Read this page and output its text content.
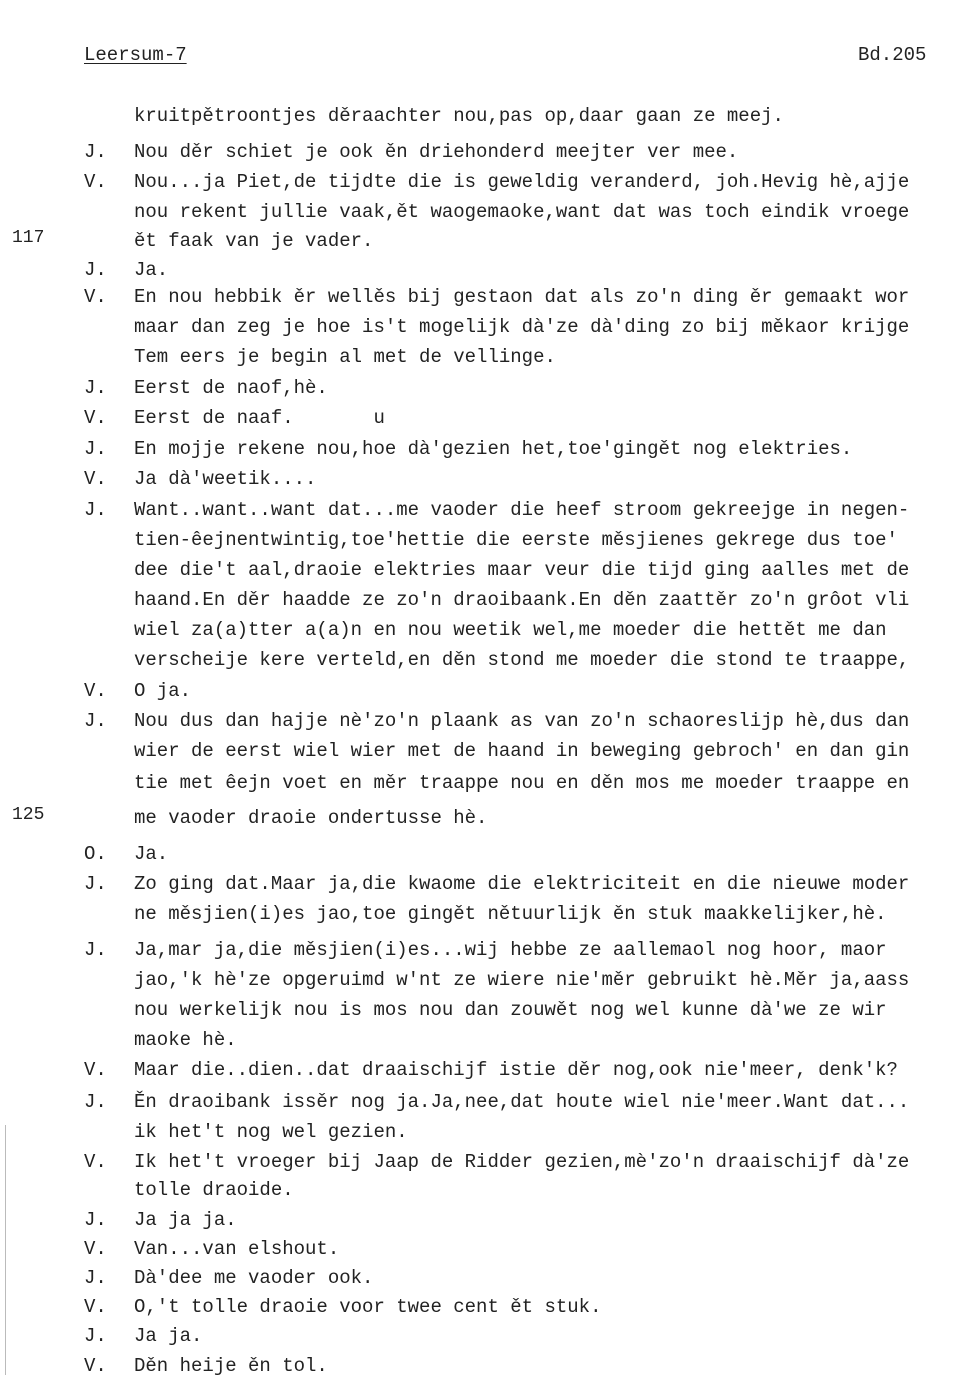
Leersum-7	Bd.205
117
125
kruitpětroontjes děraachter nou,pas op,daar gaan ze meej.
J. Nou děr schiet je ook ěn driehonderd meejter ver mee.
V. Nou...ja Piet,de tijdte die is geweldig veranderd, joh.Hevig hè,ajje
nou rekent jullie vaak,ět waogemaoke,want dat was toch eindik vroege
ět faak van je vader.
J. Ja.
V. En nou hebbik ěr wellěs bij gestaon dat als zo'n ding ěr gemaakt wor
maar dan zeg je hoe is't mogelijk dà'ze dà'ding zo bij měkaor krijge
Tem eers je begin al met de vellinge.
J. Eerst de naof,hè.
V. Eerst de naaf.       u
J. En mojje rekene nou,hoe dà'gezien het,toe'gingět nog elektries.
V. Ja dà'weetik....
J. Want..want..want dat...me vaoder die heef stroom gekreejge in negen-
tien-êejnentwintig,toe'hettie die eerste měsjienes gekrege dus toe'
dee die't aal,draoie elektries maar veur die tijd ging aalles met de
haand.En děr haadde ze zo'n draoibaank.En děn zaattěr zo'n grôot vli
wiel za(a)tter a(a)n en nou weetik wel,me moeder die hettět me dan
verscheije kere verteld,en děn stond me moeder die stond te traappe,
V. O ja.
J. Nou dus dan hajje nè'zo'n plaank as van zo'n schaoreslijp hè,dus dan
wier de eerst wiel wier met de haand in beweging gebroch' en dan gin
tie met êejn voet en měr traappe nou en děn mos me moeder traappe en
me vaoder draoie ondertusse hè.
O. Ja.
J. Zo ging dat.Maar ja,die kwaome die elektriciteit en die nieuwe moder
ne měsjien(i)es jao,toe gingět nětuurlijk ěn stuk maakkelijker,hè.
J. Ja,mar ja,die měsjien(i)es...wij hebbe ze aallemaol nog hoor, maor
jao,'k hè'ze opgeruimd w'nt ze wiere nie'měr gebruikt hè.Měr ja,aass
nou werkelijk nou is mos nou dan zouwět nog wel kunne dà'we ze wir
maoke hè.
V. Maar die..dien..dat draaischijf istie děr nog,ook nie'meer, denk'k?
J. Ěn draoibank issěr nog ja.Ja,nee,dat houte wiel nie'meer.Want dat...
ik het't nog wel gezien.
V. Ik het't vroeger bij Jaap de Ridder gezien,mè'zo'n draaischijf dà'ze
tolle draoide.
J. Ja ja ja.
V. Van...van elshout.
J. Dà'dee me vaoder ook.
V. O,'t tolle draoie voor twee cent ět stuk.
J. Ja ja.
V. Děn heije ěn tol.
